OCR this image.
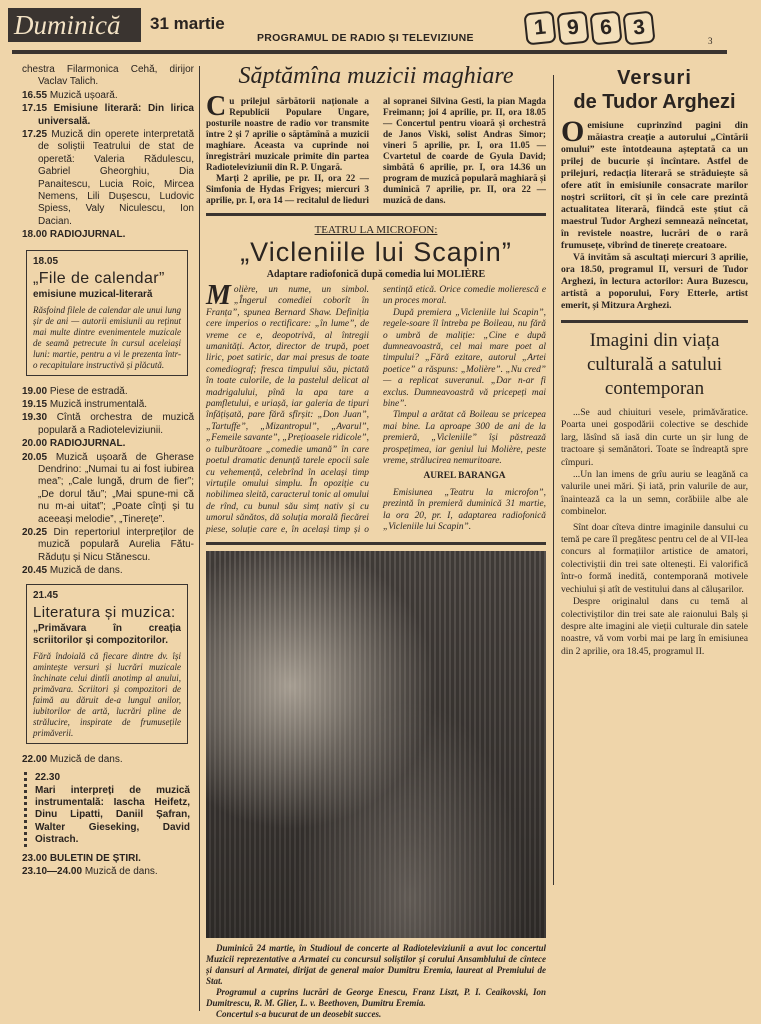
Duminică	31 martie
PROGRAMUL DE RADIO ȘI TELEVIZIUNE	1 9 6 3
3

chestra Filarmonica Cehă, dirijor Vaclav Talich.

16.55 Muzică ușoară.

17.15 Emisiune literară: Din lirica universală.

17.25 Muzică din operete interpretată de soliștii Teatrului de stat de operetă: Valeria Rădulescu, Gabriel Gheorghiu, Dia Panaitescu, Lucia Roic, Mircea Nemens, Lili Dușescu, Ludovic Spiess, Valy Niculescu, Ion Dacian.

18.00 RADIOJURNAL.

18.05
„File de calendar”
emisiune muzical-literară
Răsfoind filele de calendar ale unui lung șir de ani — autorii emisiunii au reținut mai multe dintre evenimentele muzicale de seamă petrecute în cursul aceleiași luni: martie, pentru a vi le prezenta într-o recapitulare instructivă și plăcută.

19.00 Piese de estradă.

19.15 Muzică instrumentală.

19.30 Cîntă orchestra de muzică populară a Radioteleviziunii.

20.00 RADIOJURNAL.

20.05 Muzică ușoară de Gherase Dendrino: „Numai tu ai fost iubirea mea”; „Cale lungă, drum de fier”; „De dorul tău”; „Mai spune-mi că nu m-ai uitat”; „Poate cînți și tu aceeași melodie”, „Tinerețe”.

20.25 Din repertoriul interpreților de muzică populară Aurelia Fătu-Răduțu și Nicu Stănescu.

20.45 Muzică de dans.

21.45
Literatura și muzica:
„Primăvara în creația scriitorilor și compozitorilor.
Fără îndoială că fiecare dintre dv. își amintește versuri și lucrări muzicale închinate celui dintîi anotimp al anului, primăvara. Scriitori și compozitori de faimă au dăruit de-a lungul anilor, iubitorilor de artă, lucrări pline de strălucire, inspirate de frumusețile primăverii.

22.00 Muzică de dans.

22.30
Mari interpreți de muzică instrumentală: Iascha Heifetz, Dinu Lipatti, Daniil Șafran, Walter Gieseking, David Oistrach.

23.00 BULETIN DE ȘTIRI.

23.10—24.00 Muzică de dans.

Săptămîna muzicii maghiare

Cu prilejul sărbătorii naționale a Republicii Populare Ungare, posturile noastre de radio vor transmite între 2 și 7 aprilie o săptămînă a muzicii maghiare. Aceasta va cuprinde noi înregistrări muzicale primite din partea Radioteleviziunii din R. P. Ungară.

Marți 2 aprilie, pe pr. II, ora 22 — Simfonia de Hydas Frigyes; miercuri 3 aprilie, pr. I, ora 14 — recitalul de lieduri al sopranei Silvina Gesti, la pian Magda Freimann; joi 4 aprilie, pr. II, ora 18.05 — Concertul pentru vioară și orchestră de Janos Viski, solist Andras Simor; vineri 5 aprilie, pr. I, ora 11.05 — Cvartetul de coarde de Gyula David; simbătă 6 aprilie, pr. I, ora 14.36 un program de muzică populară maghiară și duminică 7 aprilie, pr. II, ora 22 — muzică de dans.

TEATRU LA MICROFON:
„Vicleniile lui Scapin”
Adaptare radiofonică după comedia lui MOLIÈRE

Molière, un nume, un simbol. „Îngerul comediei coborît în Franța”, spunea Bernard Shaw. Definiția cere imperios o rectificare: „în lume”, de vreme ce e, deopotrivă, al întregii umanități. Actor, director de trupă, poet liric, poet satiric, dar mai presus de toate comediograf; fresca timpului său, pictată în toate culorile, de la pastelul delicat al madrigalului, pînă la apa tare a pamfletului, e uriașă, iar galeria de tipuri înfățișată, pare fără sfîrșit: „Don Juan”, „Tartuffe”, „Mizantropul”, „Avarul”, „Femeile savante”, „Prețioasele ridicole”, o tulburătoare „comedie umană” în care poetul dramatic denunță tarele epocii sale cu vehemență, celebrînd în același timp virtuțile omului simplu. În opoziție cu nobilimea sleită, caracterul tonic al omului de rînd, cu bunul său simț nativ și cu umorul sănătos, dă soluția morală fiecărei piese, soluție care e, în același timp și o sentință etică. Orice comedie molierescă e un proces moral.

După premiera „Vicleniile lui Scapin”, regele-soare îl întreba pe Boileau, nu fără o umbră de maliție: „Cine e după dumneavoastră, cel mai mare poet al timpului? „Fără ezitare, autorul „Artei poetice” a răspuns: „Molière”. „Nu cred” — a replicat suveranul. „Dar n-ar fi exclus. Dumneavoastră vă pricepeți mai bine”.

Timpul a arătat că Boileau se pricepea mai bine. La aproape 300 de ani de la premieră, „Vicleniile” își păstrează prospețimea, iar geniul lui Molière, peste vreme, strălucirea nemuritoare.

AUREL BARANGA

Emisiunea „Teatru la microfon”, prezintă în premieră duminică 31 martie, la ora 20, pr. I, adaptarea radiofonică „Vicleniile lui Scapin”.

Duminică 24 martie, în Studioul de concerte al Radioteleviziunii a avut loc concertul Muzicii reprezentative a Armatei cu concursul soliștilor și corului Ansamblului de cîntece și dansuri al Armatei, dirijat de general maior Dumitru Eremia, laureat al Premiului de Stat.

Programul a cuprins lucrări de George Enescu, Franz Liszt, P. I. Ceaikovski, Ion Dumitrescu, R. M. Glier, L. v. Beethoven, Dumitru Eremia.

Concertul s-a bucurat de un deosebit succes.

Versuri
de Tudor Arghezi

Oemisiune cuprinzînd pagini din măiastra creație a autorului „Cîntării omului” este întotdeauna așteptată ca un prilej de bucurie și încîntare. Astfel de prilejuri, redacția literară se străduiește să ofere atît în emisiunile consacrate marilor noștri scriitori, cît și în cele care prezintă actualitatea literară, fiindcă este știut că maestrul Tudor Arghezi semnează neîncetat, în revistele noastre, lucrări de o rară frumusețe, vibrînd de tinerețe creatoare.

Vă invităm să ascultați miercuri 3 aprilie, ora 18.50, programul II, versuri de Tudor Arghezi, în lectura actorilor: Aura Buzescu, artistă a poporului, Fory Etterle, artist emerit, și Mitzura Arghezi.

Imagini din viața culturală a satului contemporan

...Se aud chiuituri vesele, primăvăratice. Poarta unei gospodării colective se deschide larg, lăsînd să iasă din curte un șir lung de tractoare și semănători. Toate se îndreaptă spre cîmpuri.

...Un lan imens de grîu auriu se leagănă ca valurile unei mări. Și iată, prin valurile de aur, înaintează ca la un semn, corăbiile albe ale combinelor.

Sînt doar cîteva dintre imaginile dansului cu temă pe care îl pregătesc pentru cel de al VII-lea concurs al formațiilor artistice de amatori, colectiviștii din trei sate oltenești. Ei valorifică într-o formă inedită, contemporană motivele vechiului și atît de vestitului dans al călușarilor.

Despre originalul dans cu temă al colectiviștilor din trei sate ale raionului Balș și despre alte imagini ale vieții culturale din satele noastre, vă vom vorbi mai pe larg în emisiunea din 2 aprilie, ora 18.45, programul II.
